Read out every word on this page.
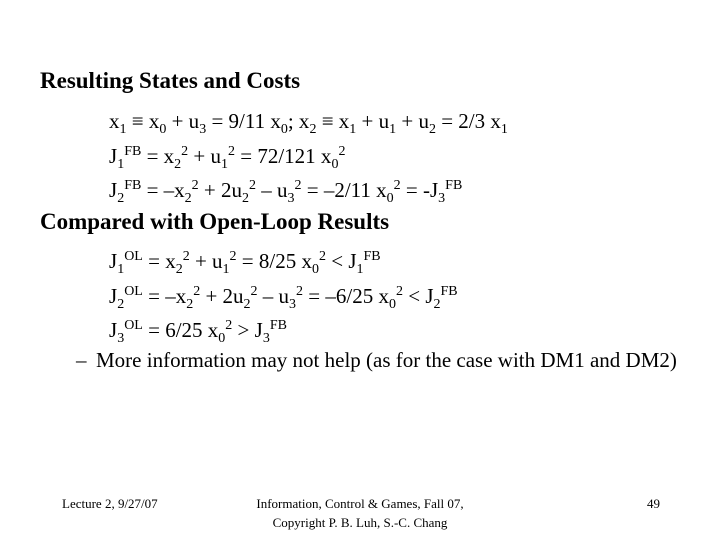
Resulting States and Costs
$x_1 \equiv x_0 + u_3 = 9/11$ $x_0$; $x_2 \equiv x_1 + u_1 + u_2 = 2/3$ $x_1$
$J_1^{FB} = x_2^2 + u_1^2 = 72/121$ $x_0^2$
$J_2^{FB} = -x_2^2 + 2u_2^2 - u_3^2 = -2/11$ $x_0^2 = -J_3^{FB}$
Compared with Open-Loop Results
$J_1^{OL} = x_2^2 + u_1^2 = 8/25$ $x_0^2 < J_1^{FB}$
$J_2^{OL} = -x_2^2 + 2u_2^2 - u_3^2 = -6/25$ $x_0^2 < J_2^{FB}$
$J_3^{OL} = 6/25$ $x_0^2 > J_3^{FB}$
– More information may not help (as for the case with DM1 and DM2)
Lecture 2, 9/27/07	Information, Control & Games, Fall 07,
Copyright P. B. Luh, S.-C. Chang
49
